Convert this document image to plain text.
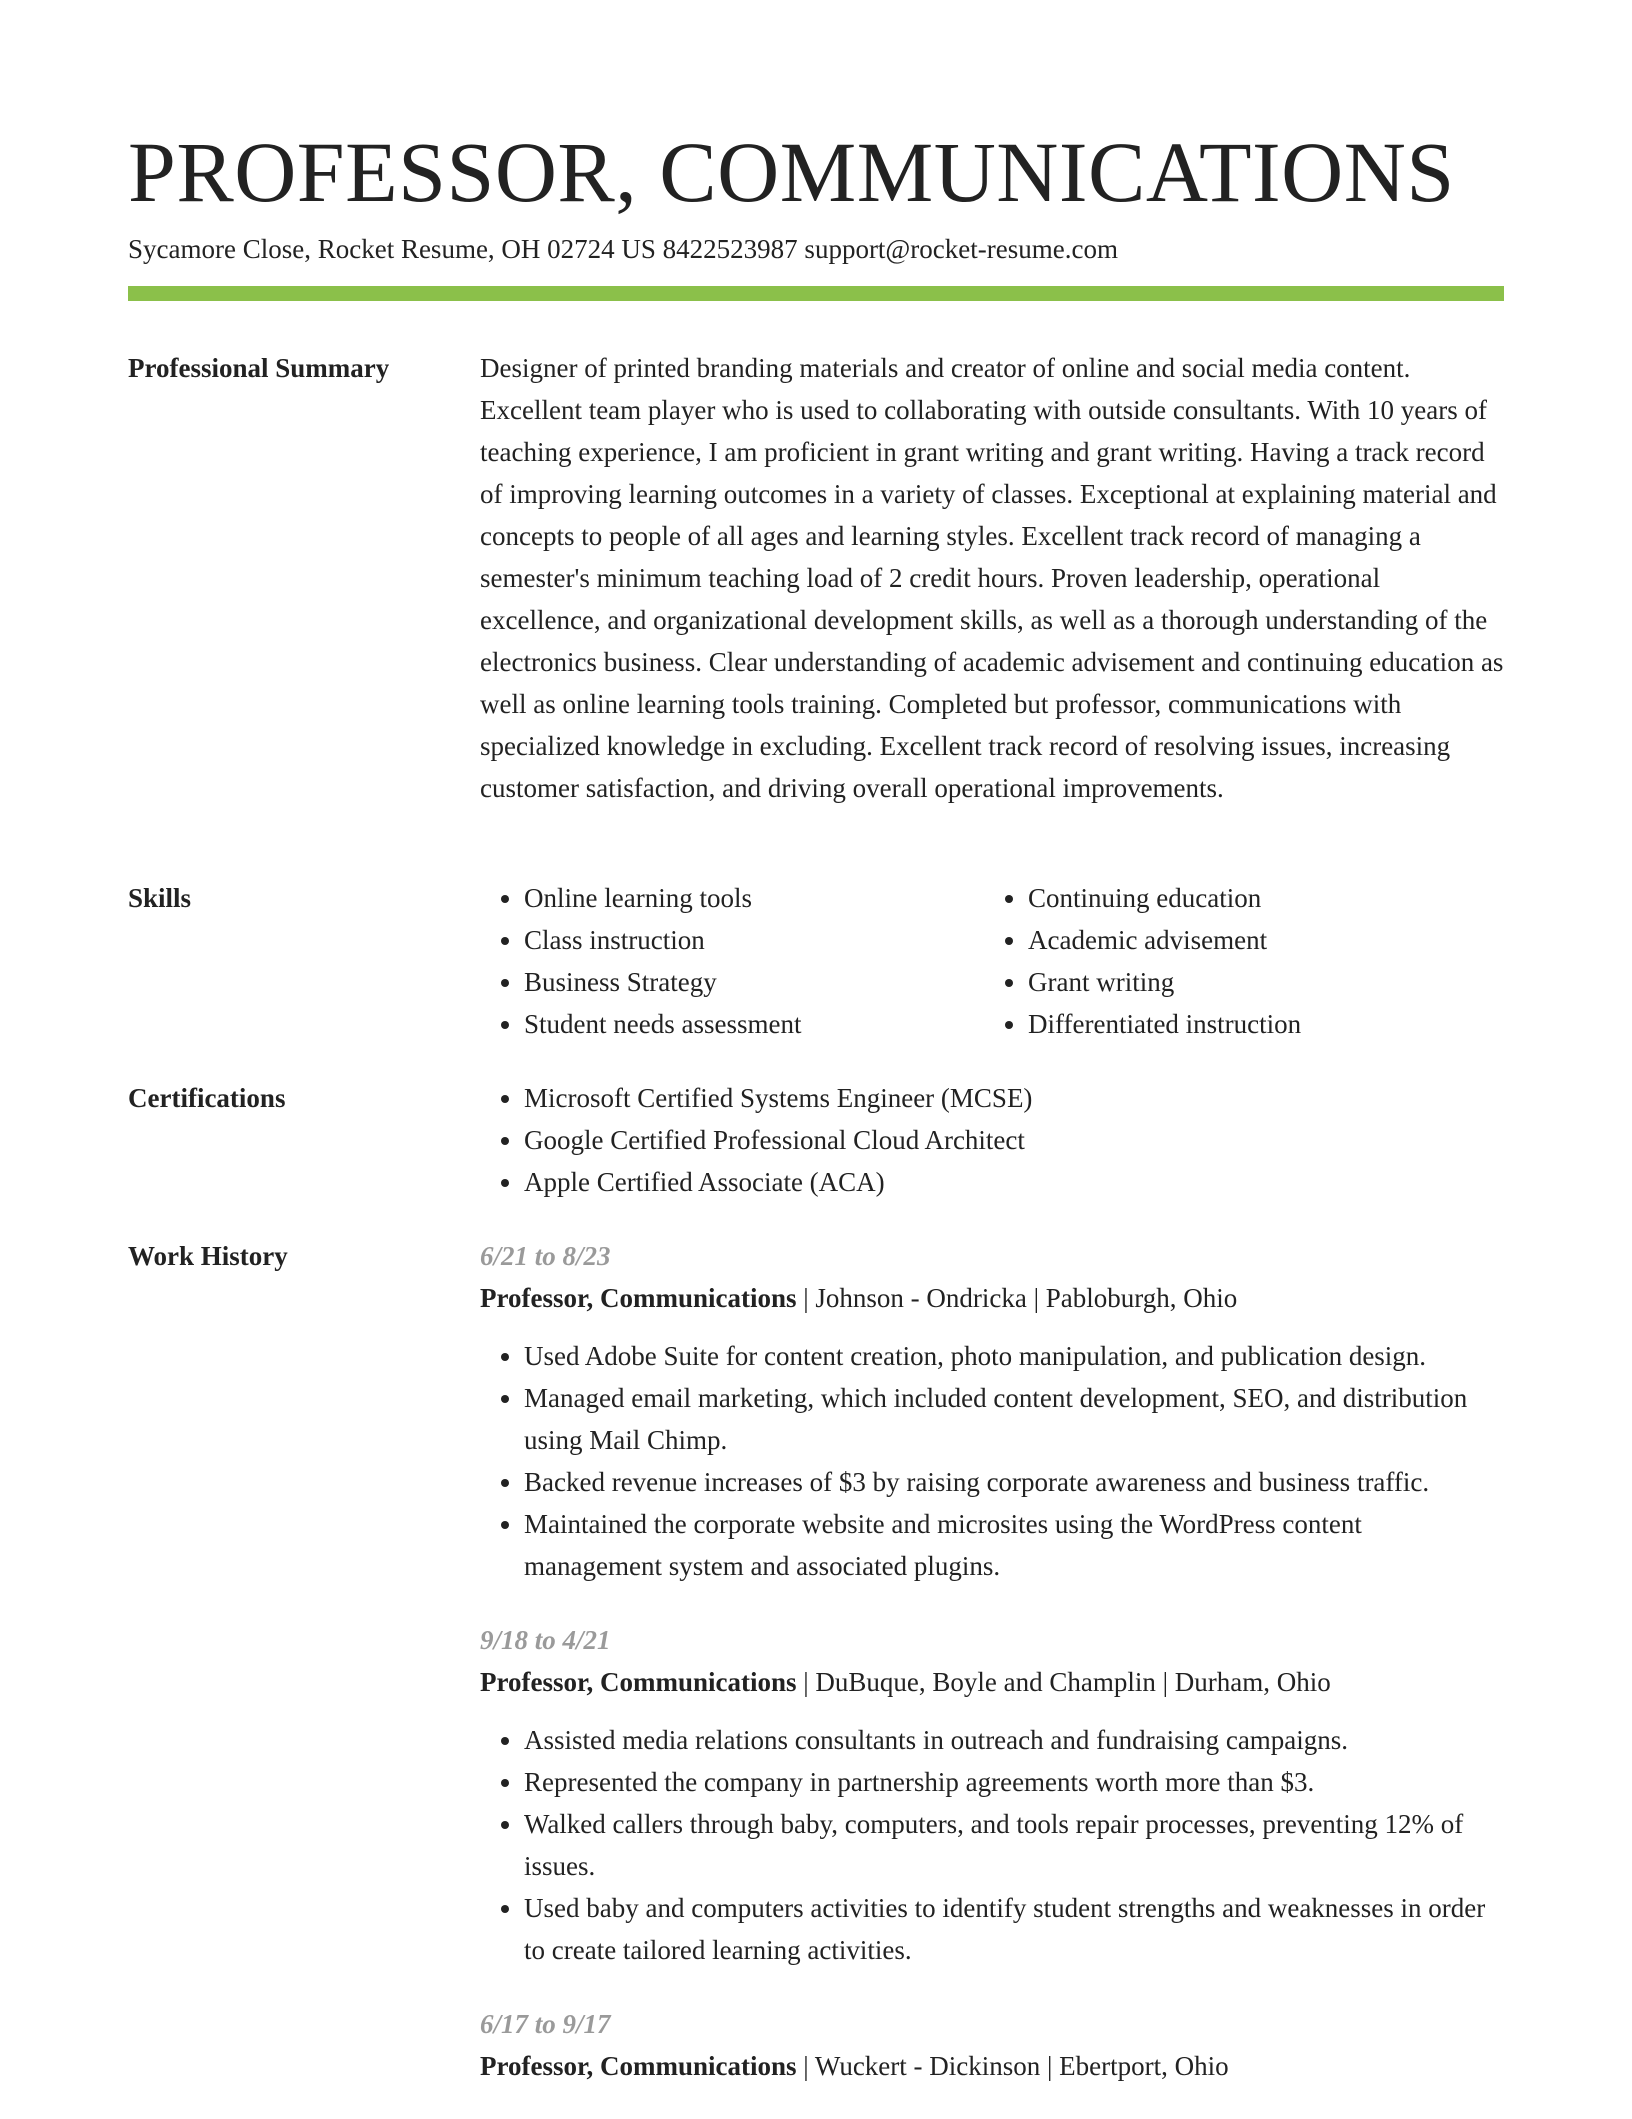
PROFESSOR, COMMUNICATIONS
Sycamore Close, Rocket Resume, OH 02724 US 8422523987 support@rocket-resume.com
Professional Summary	Designer of printed branding materials and creator of online and social media content. Excellent team player who is used to collaborating with outside consultants. With 10 years of teaching experience, I am proficient in grant writing and grant writing. Having a track record of improving learning outcomes in a variety of classes. Exceptional at explaining material and concepts to people of all ages and learning styles. Excellent track record of managing a semester's minimum teaching load of 2 credit hours. Proven leadership, operational excellence, and organizational development skills, as well as a thorough understanding of the electronics business. Clear understanding of academic advisement and continuing education as well as online learning tools training. Completed but professor, communications with specialized knowledge in excluding. Excellent track record of resolving issues, increasing customer satisfaction, and driving overall operational improvements.

Skills	• Online learning tools
• Class instruction
• Business Strategy
• Student needs assessment
• Continuing education
• Academic advisement
• Grant writing
• Differentiated instruction
Certifications	• Microsoft Certified Systems Engineer (MCSE)
• Google Certified Professional Cloud Architect
• Apple Certified Associate (ACA)
Work History	6/21 to 8/23
Professor, Communications | Johnson - Ondricka | Pabloburgh, Ohio
• Used Adobe Suite for content creation, photo manipulation, and publication design.
• Managed email marketing, which included content development, SEO, and distribution using Mail Chimp.
• Backed revenue increases of $3 by raising corporate awareness and business traffic.
• Maintained the corporate website and microsites using the WordPress content management system and associated plugins.
9/18 to 4/21
Professor, Communications | DuBuque, Boyle and Champlin | Durham, Ohio
• Assisted media relations consultants in outreach and fundraising campaigns.
• Represented the company in partnership agreements worth more than $3.
• Walked callers through baby, computers, and tools repair processes, preventing 12% of issues.
• Used baby and computers activities to identify student strengths and weaknesses in order to create tailored learning activities.
6/17 to 9/17
Professor, Communications | Wuckert - Dickinson | Ebertport, Ohio
